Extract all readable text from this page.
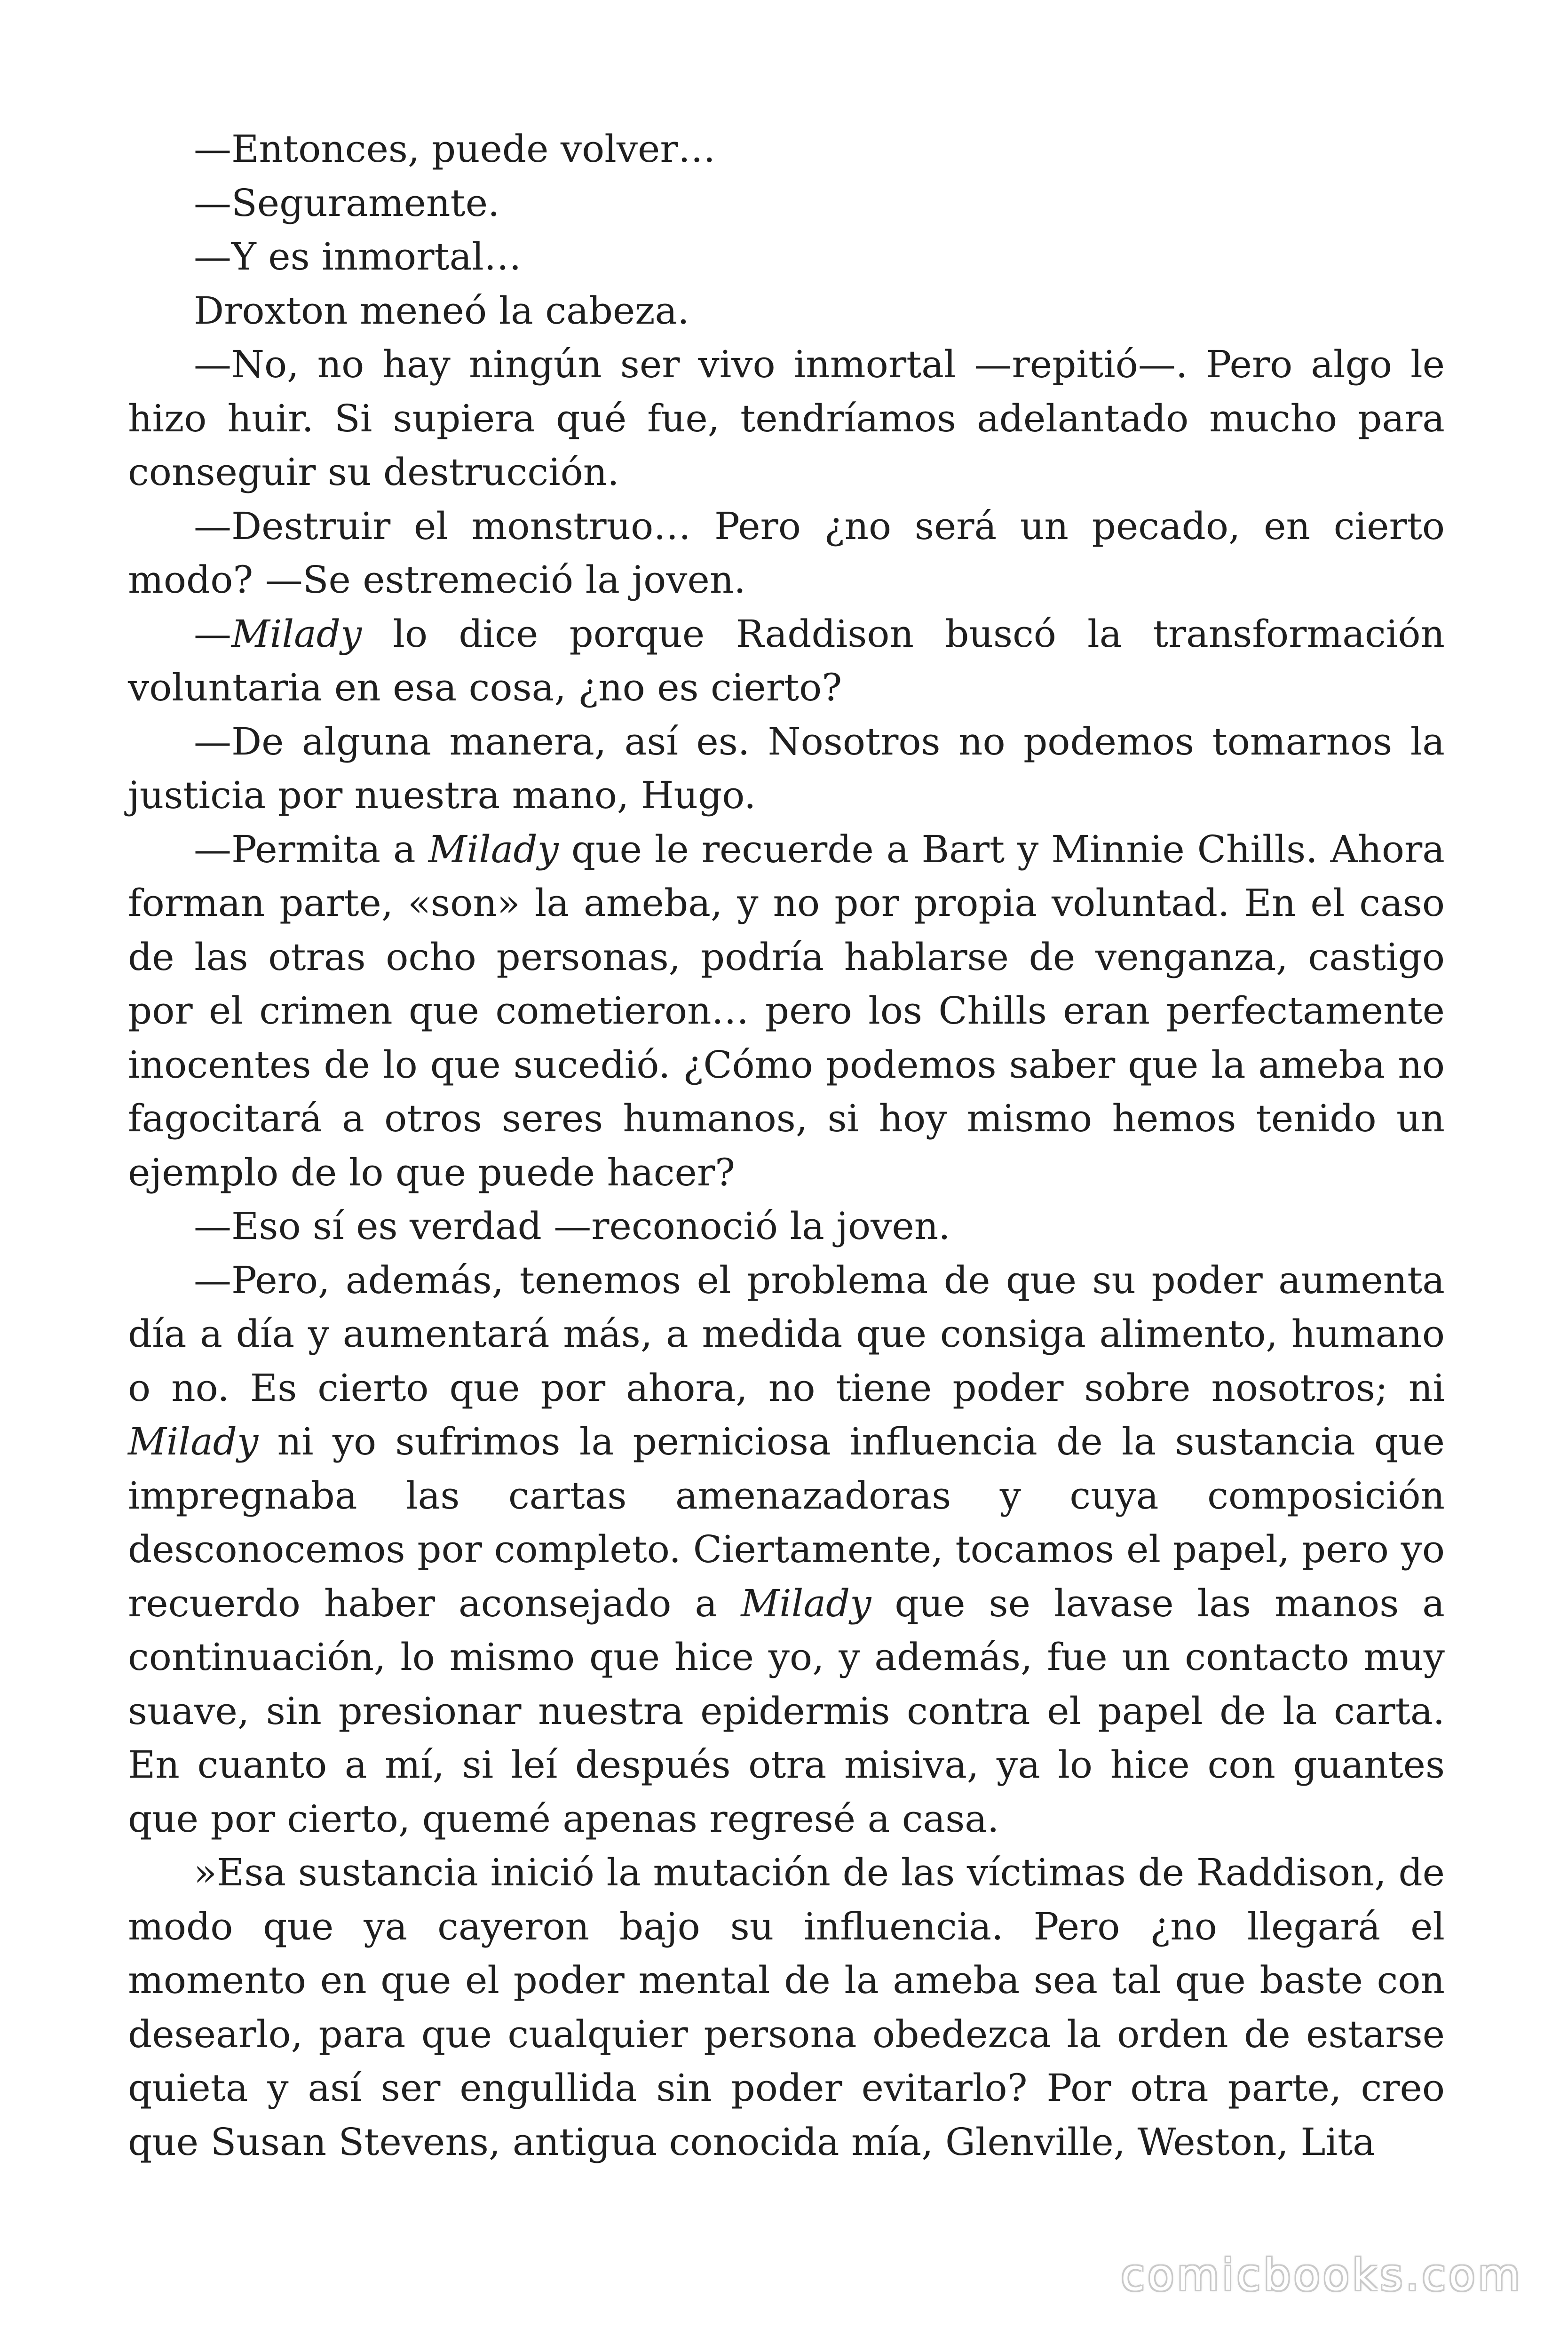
—Entonces, puede volver…

—Seguramente.

—Y es inmortal…

Droxton meneó la cabeza.

—No, no hay ningún ser vivo inmortal —repitió—. Pero algo le hizo huir. Si supiera qué fue, tendríamos adelantado mucho para conseguir su destrucción.

—Destruir el monstruo… Pero ¿no será un pecado, en cierto modo? —Se estremeció la joven.

—Milady lo dice porque Raddison buscó la transformación voluntaria en esa cosa, ¿no es cierto?

—De alguna manera, así es. Nosotros no podemos tomarnos la justicia por nuestra mano, Hugo.

—Permita a Milady que le recuerde a Bart y Minnie Chills. Ahora forman parte, «son» la ameba, y no por propia voluntad. En el caso de las otras ocho personas, podría hablarse de venganza, castigo por el crimen que cometieron… pero los Chills eran perfectamente inocentes de lo que sucedió. ¿Cómo podemos saber que la ameba no fagocitará a otros seres humanos, si hoy mismo hemos tenido un ejemplo de lo que puede hacer?

—Eso sí es verdad —reconoció la joven.

—Pero, además, tenemos el problema de que su poder aumenta día a día y aumentará más, a medida que consiga alimento, humano o no. Es cierto que por ahora, no tiene poder sobre nosotros; ni Milady ni yo sufrimos la perniciosa influencia de la sustancia que impregnaba las cartas amenazadoras y cuya composición desconocemos por completo. Ciertamente, tocamos el papel, pero yo recuerdo haber aconsejado a Milady que se lavase las manos a continuación, lo mismo que hice yo, y además, fue un contacto muy suave, sin presionar nuestra epidermis contra el papel de la carta. En cuanto a mí, si leí después otra misiva, ya lo hice con guantes que por cierto, quemé apenas regresé a casa.

»Esa sustancia inició la mutación de las víctimas de Raddison, de modo que ya cayeron bajo su influencia. Pero ¿no llegará el momento en que el poder mental de la ameba sea tal que baste con desearlo, para que cualquier persona obedezca la orden de estarse quieta y así ser engullida sin poder evitarlo? Por otra parte, creo que Susan Stevens, antigua conocida mía, Glenville, Weston, Lita

comicbooks.com
